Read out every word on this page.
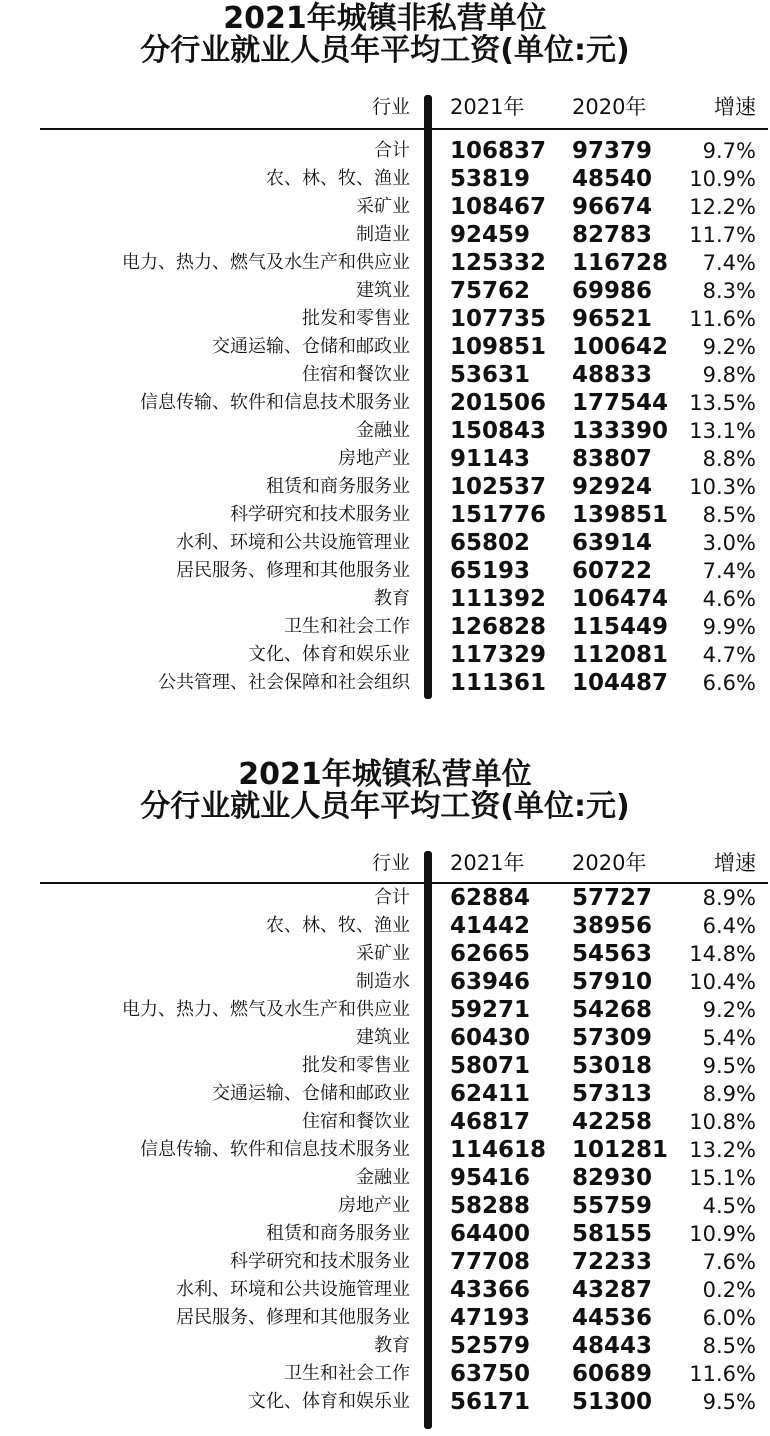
2021年城镇非私营单位
分行业就业人员年平均工资(单位:元)
行业 2021年	2020年	增速
合计 106837 97379	9.7%
农、林、牧、渔业 53819	48540	10.9%
采矿业 108467 96674	12.2%
制造业 92459	82783	11.7%
电力、热力、燃气及水生产和供应业 125332 116728 7.4%
建筑业 75762	69986	8.3%
批发和零售业 107735 96521	11.6%
交通运输、仓储和邮政业 109851 100642 9.2%
住宿和餐饮业 53631	48833	9.8%
信息传输、软件和信息技术服务业 201506 177544 13.5%
金融业 150843 133390 13.1%
房地产业 91143	83807	8.8%
租赁和商务服务业 102537 92924	10.3%
科学研究和技术服务业 151776 139851 8.5%
水利、环境和公共设施管理业 65802	63914	3.0%
居民服务、修理和其他服务业 65193	60722	7.4%
教育 111392 106474 4.6%
卫生和社会工作 126828 115449 9.9%
文化、体育和娱乐业 117329 112081 4.7%
公共管理、社会保障和社会组织 111361 104487 6.6%
2021年城镇私营单位
分行业就业人员年平均工资(单位:元)
行业 2021年	2020年	增速
合计 62884	57727	8.9%
农、林、牧、渔业 41442	38956	6.4%
采矿业 62665	54563	14.8%
制造水 63946	57910	10.4%
电力、热力、燃气及水生产和供应业 59271	54268	9.2%
建筑业 60430	57309	5.4%
批发和零售业 58071	53018	9.5%
交通运输、仓储和邮政业 62411	57313	8.9%
住宿和餐饮业 46817	42258	10.8%
信息传输、软件和信息技术服务业 114618 101281 13.2%
金融业 95416	82930	15.1%
房地产业 58288	55759	4.5%
租赁和商务服务业 64400	58155	10.9%
科学研究和技术服务业 77708	72233	7.6%
水利、环境和公共设施管理业 43366	43287	0.2%
居民服务、修理和其他服务业 47193	44536	6.0%
教育 52579	48443	8.5%
卫生和社会工作 63750	60689	11.6%
文化、体育和娱乐业 56171	51300	9.5%
